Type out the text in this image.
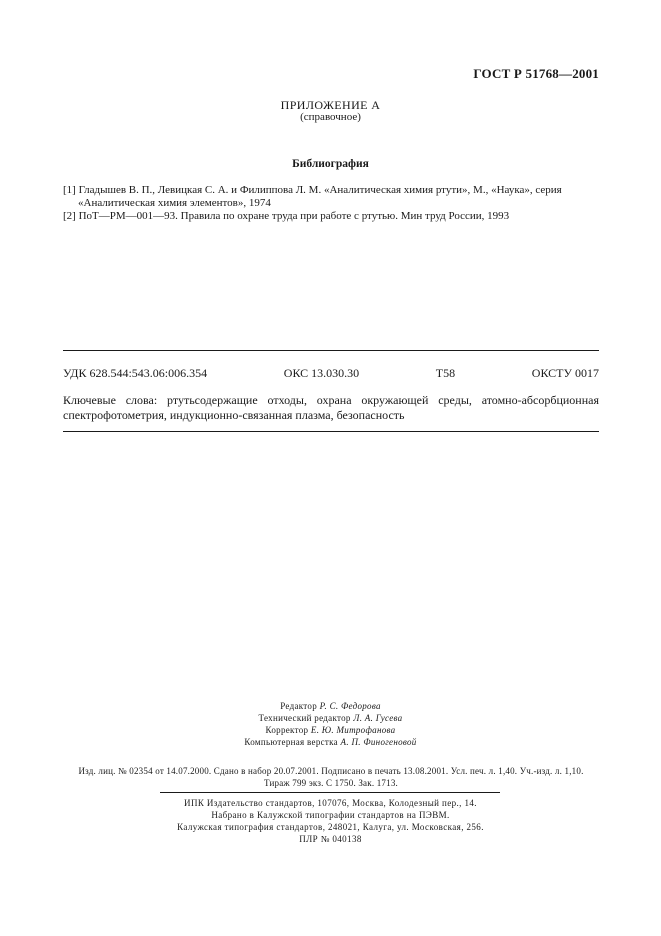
ГОСТ Р 51768—2001
ПРИЛОЖЕНИЕ А
(справочное)
Библиография
[1] Гладышев В. П., Левицкая С. А. и Филиппова Л. М. «Аналитическая химия ртути», М., «Наука», серия «Аналитическая химия элементов», 1974
[2] ПоТ—РМ—001—93. Правила по охране труда при работе с ртутью. Мин труд России, 1993
УДК 628.544:543.06:006.354	ОКС 13.030.30	Т58	ОКСТУ 0017
Ключевые слова: ртутьсодержащие отходы, охрана окружающей среды, атомно-абсорбционная спектрофотометрия, индукционно-связанная плазма, безопасность
Редактор Р. С. Федорова
Технический редактор Л. А. Гусева
Корректор Е. Ю. Митрофанова
Компьютерная верстка А. П. Финогеновой
Изд. лиц. № 02354 от 14.07.2000. Сдано в набор 20.07.2001. Подписано в печать 13.08.2001. Усл. печ. л. 1,40. Уч.-изд. л. 1,10.
Тираж 799 экз. С 1750. Зак. 1713.
ИПК Издательство стандартов, 107076, Москва, Колодезный пер., 14.
Набрано в Калужской типографии стандартов на ПЭВМ.
Калужская типография стандартов, 248021, Калуга, ул. Московская, 256.
ПЛР № 040138
